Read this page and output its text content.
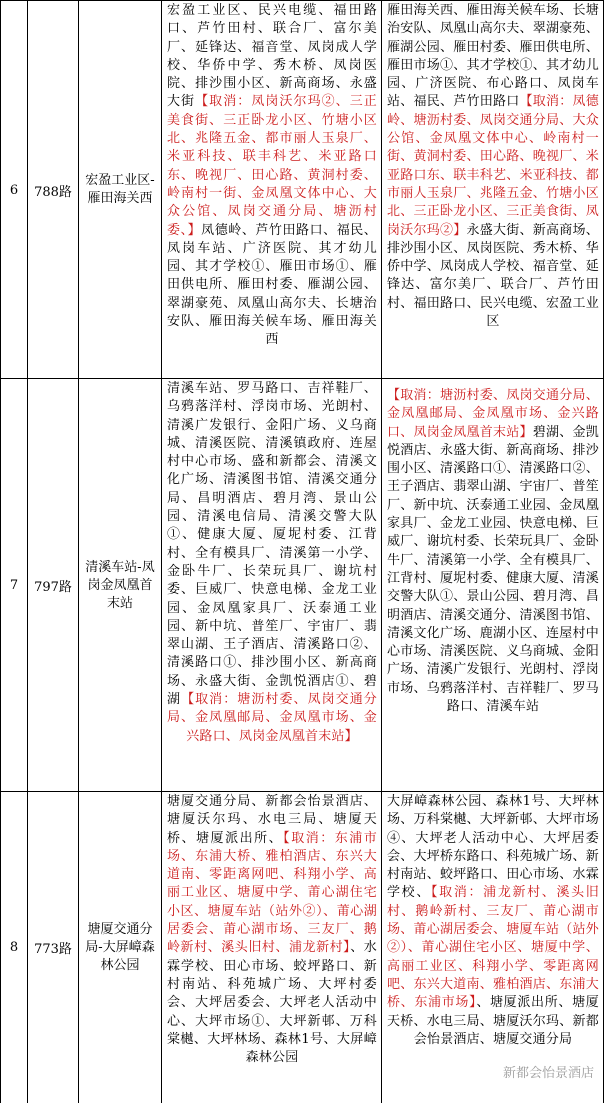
6 788路
宏盈工业区-雁田海关西
宏盈工业区、民兴电缆、福田路口、芦竹田村、联合厂、富尔美厂、延锋达、福音堂、凤岗成人学校、华侨中学、秀木桥、凤岗医院、排沙围小区、新高商场、永盛大街【取消：凤岗沃尔玛②、三正美食街、三正卧龙小区、竹塘小区北、兆隆五金、都市丽人玉泉厂、米亚科技、联丰科艺、米亚路口东、晚视厂、田心路、黄洞村委、岭南村一街、金凤凰文体中心、大众公馆、凤岗交通分局、塘沥村委、】凤德岭、芦竹田路口、福民、凤岗车站、广济医院、其才幼儿园、其才学校①、雁田市场①、雁田供电所、雁田村委、雁湖公园、翠湖豪苑、凤凰山高尔夫、长塘治安队、雁田海关候车场、雁田海关西
雁田海关西、雁田海关候车场、长塘治安队、凤凰山高尔夫、翠湖豪苑、雁湖公园、雁田村委、雁田供电所、雁田市场①、其才学校①、其才幼儿园、广济医院、布心路口、凤岗车站、福民、芦竹田路口【取消：凤德岭、塘沥村委、凤岗交通分局、大众公馆、金凤凰文体中心、岭南村一街、黄洞村委、田心路、晚视厂、米亚路口东、联丰科艺、米亚科技、都市丽人玉泉厂、兆隆五金、竹塘小区北、三正卧龙小区、三正美食街、凤岗沃尔玛②】永盛大街、新高商场、排沙围小区、凤岗医院、秀木桥、华侨中学、凤岗成人学校、福音堂、延锋达、富尔美厂、联合厂、芦竹田村、福田路口、民兴电缆、宏盈工业区
7 797路
清溪车站-凤岗金凤凰首末站
清溪车站、罗马路口、吉祥鞋厂、乌鸦落洋村、浮岗市场、光朗村、清溪广发银行、金阳广场、义乌商城、清溪医院、清溪镇政府、连屋村中心市场、盛和新都会、清溪文化广场、清溪图书馆、清溪交通分局、昌明酒店、碧月湾、景山公园、清溪电信局、清溪交警大队①、健康大厦、厦坭村委、江背村、全有模具厂、清溪第一小学、金卧牛厂、长荣玩具厂、谢坑村委、巨威厂、快意电梯、金龙工业园、金凤凰家具厂、沃泰通工业园、新中坑、普笙厂、宇宙厂、翡翠山湖、王子酒店、清溪路口②、清溪路口①、排沙围小区、新高商场、永盛大街、金凯悦酒店①、碧湖【取消：塘沥村委、凤岗交通分局、金凤凰邮局、金凤凰市场、金兴路口、凤岗金凤凰首末站】
【取消：塘沥村委、凤岗交通分局、金凤凰邮局、金凤凰市场、金兴路口、凤岗金凤凰首末站】碧湖、金凯悦酒店、永盛大街、新高商场、排沙围小区、清溪路口①、清溪路口②、王子酒店、翡翠山湖、宇宙厂、普笙厂、新中坑、沃泰通工业园、金凤凰家具厂、金龙工业园、快意电梯、巨威厂、谢坑村委、长荣玩具厂、金卧牛厂、清溪第一小学、全有模具厂、江背村、厦坭村委、健康大厦、清溪交警大队①、景山公园、碧月湾、昌明酒店、清溪交通分、清溪图书馆、清溪文化广场、鹿湖小区、连屋村中心市场、清溪医院、义乌商城、金阳广场、清溪广发银行、光朗村、浮岗市场、乌鸦落洋村、吉祥鞋厂、罗马路口、清溪车站
8 773路
塘厦交通分局-大屏嶂森林公园
塘厦交通分局、新都会怡景酒店、塘厦沃尔玛、水电三局、塘厦天桥、塘厦派出所、【取消：东浦市场、东浦大桥、雅柏酒店、东兴大道南、零距离网吧、科翔小学、高丽工业区、塘厦中学、莆心湖住宅小区、塘厦车站（站外②）、莆心湖居委会、莆心湖市场、三友厂、鹅岭新村、溪头旧村、浦龙新村】、水霖学校、田心市场、蛟坪路口、新村南站、科苑城广场、大坪村委会、大坪居委会、大坪老人活动中心、大坪市场①、大坪新邨、万科棠樾、大坪林场、森林1号、大屏嶂森林公园
大屏嶂森林公园、森林1号、大坪林场、万科棠樾、大坪新邨、大坪市场④、大坪老人活动中心、大坪居委会、大坪桥东路口、科苑城广场、新村南站、蛟坪路口、田心市场、水霖学校、【取消：浦龙新村、溪头旧村、鹅岭新村、三友厂、莆心湖市场、莆心湖居委会、塘厦车站（站外②）、莆心湖住宅小区、塘厦中学、高丽工业区、科翔小学、零距离网吧、东兴大道南、雅柏酒店、东浦大桥、东浦市场】、塘厦派出所、塘厦天桥、水电三局、塘厦沃尔玛、新都会怡景酒店、塘厦交通分局
新都会怡景酒店
